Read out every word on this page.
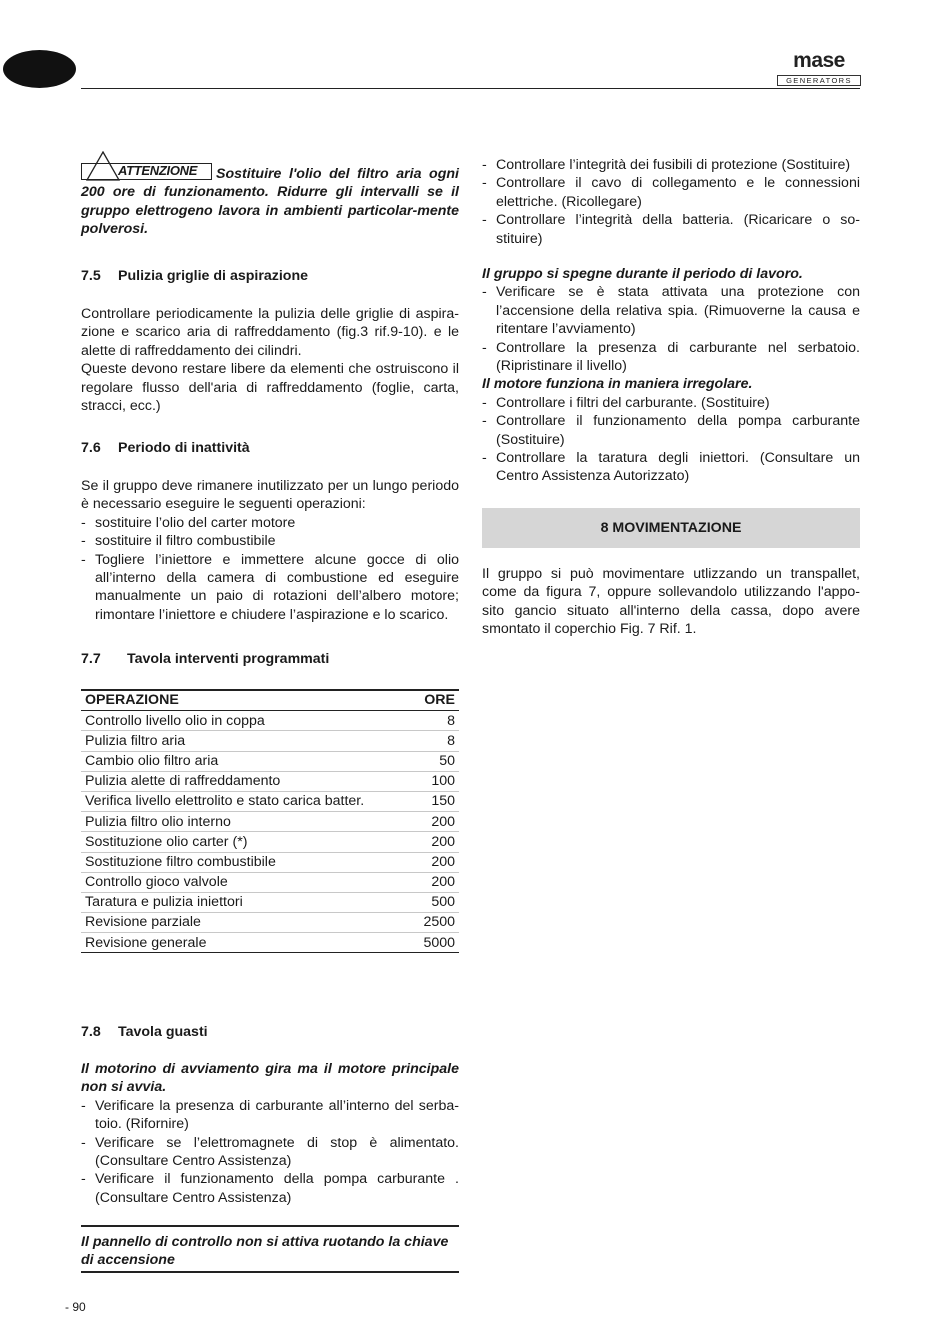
mase
GENERATORS

ATTENZIONE Sostituire l'olio del filtro aria ogni 200 ore di funzionamento. Ridurre gli intervalli se il gruppo elettrogeno lavora in ambienti particolar-mente polverosi.

7.5 Pulizia griglie di aspirazione

Controllare periodicamente la pulizia delle griglie di aspira-zione e scarico aria di raffreddamento (fig.3 rif.9-10). e le alette di raffreddamento dei cilindri.

Queste devono restare libere da elementi che ostruiscono il regolare flusso dell'aria di raffreddamento (foglie, carta, stracci, ecc.)

7.6 Periodo di inattività

Se il gruppo deve rimanere inutilizzato per un lungo periodo è necessario eseguire le seguenti operazioni:

- sostituire l’olio del carter motore
- sostituire il filtro combustibile
- Togliere l’iniettore e immettere alcune gocce di olio all’interno della camera di combustione ed eseguire manualmente un paio di rotazioni dell’albero motore; rimontare l’iniettore e chiudere l’aspirazione e lo scarico.
7.7 Tavola interventi programmati
OPERAZIONE	ORE
Controllo livello olio in coppa	8
Pulizia filtro aria	8
Cambio olio filtro aria	50
Pulizia alette di raffreddamento	100
Verifica livello elettrolito e stato carica batter.	150
Pulizia filtro olio interno	200
Sostituzione olio carter (*)	200
Sostituzione filtro combustibile	200
Controllo gioco valvole	200
Taratura e pulizia iniettori	500
Revisione parziale	2500
Revisione generale	5000
7.8 Tavola guasti

Il motorino di avviamento gira ma il motore principale non si avvia.

- Verificare la presenza di carburante all’interno del serba-toio. (Rifornire)
- Verificare se l’elettromagnete di stop è alimentato. (Consultare Centro Assistenza)
- Verificare il funzionamento della pompa carburante . (Consultare Centro Assistenza)

Il pannello di controllo non si attiva ruotando la chiave di accensione

- Controllare l’integrità dei fusibili di protezione (Sostituire)
- Controllare il cavo di collegamento e le connessioni elettriche. (Ricollegare)
- Controllare l’integrità della batteria. (Ricaricare o so-stituire)

Il gruppo si spegne durante il periodo di lavoro.

- Verificare se è stata attivata una protezione con l’accensione della relativa spia. (Rimuoverne la causa e ritentare l’avviamento)
- Controllare la presenza di carburante nel serbatoio. (Ripristinare il livello)

Il motore funziona in maniera irregolare.

- Controllare i filtri del carburante. (Sostituire)
- Controllare il funzionamento della pompa carburante (Sostituire)
- Controllare la taratura degli iniettori. (Consultare un Centro Assistenza Autorizzato)
8 MOVIMENTAZIONE

Il gruppo si può movimentare utlizzando un transpallet, come da figura 7, oppure sollevandolo utilizzando l'appo-sito gancio situato all'interno della cassa, dopo avere smontato il coperchio Fig. 7 Rif. 1.

- 90
